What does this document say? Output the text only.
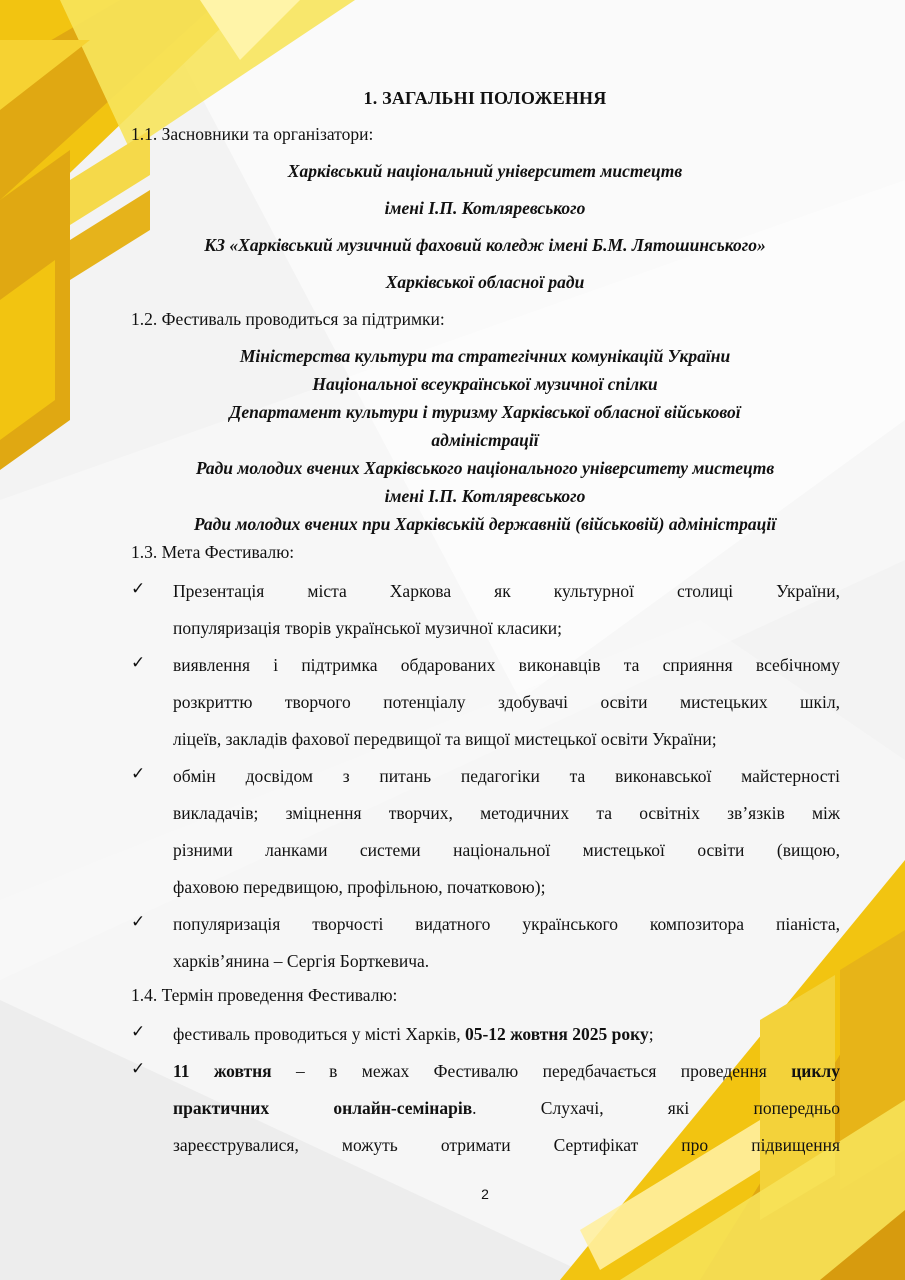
1. ЗАГАЛЬНІ ПОЛОЖЕННЯ
1.1. Засновники та організатори:
Харківський національний університет мистецтв
імені І.П. Котляревського
КЗ «Харківський музичний фаховий коледж імені Б.М. Лятошинського»
Харківської обласної ради
1.2. Фестиваль проводиться за підтримки:
Міністерства культури та стратегічних комунікацій України
Національної всеукраїнської музичної спілки
Департамент культури і туризму Харківської обласної військової
адміністрації
Ради молодих вчених Харківського національного університету мистецтв
імені І.П. Котляревського
Ради молодих вчених при Харківській державній (військовій) адміністрації
1.3. Мета Фестивалю:
✓ Презентація міста Харкова як культурної столиці України,
популяризація творів української музичної класики;
✓ виявлення і підтримка обдарованих виконавців та сприяння всебічному
розкриттю творчого потенціалу здобувачі освіти мистецьких шкіл,
ліцеїв, закладів фахової передвищої та вищої мистецької освіти України;
✓ обмін досвідом з питань педагогіки та виконавської майстерності
викладачів; зміцнення творчих, методичних та освітніх зв’язків між
різними ланками системи національної мистецької освіти (вищою,
фаховою передвищою, профільною, початковою);
✓ популяризація творчості видатного українського композитора піаніста,
харків’янина – Сергія Борткевича.
1.4. Термін проведення Фестивалю:
✓ фестиваль проводиться у місті Харків, 05-12 жовтня 2025 року;
✓ 11 жовтня – в межах Фестивалю передбачається проведення циклу
практичних онлайн-семінарів. Слухачі, які попередньо
зареєструвалися, можуть отримати Сертифікат про підвищення
2
